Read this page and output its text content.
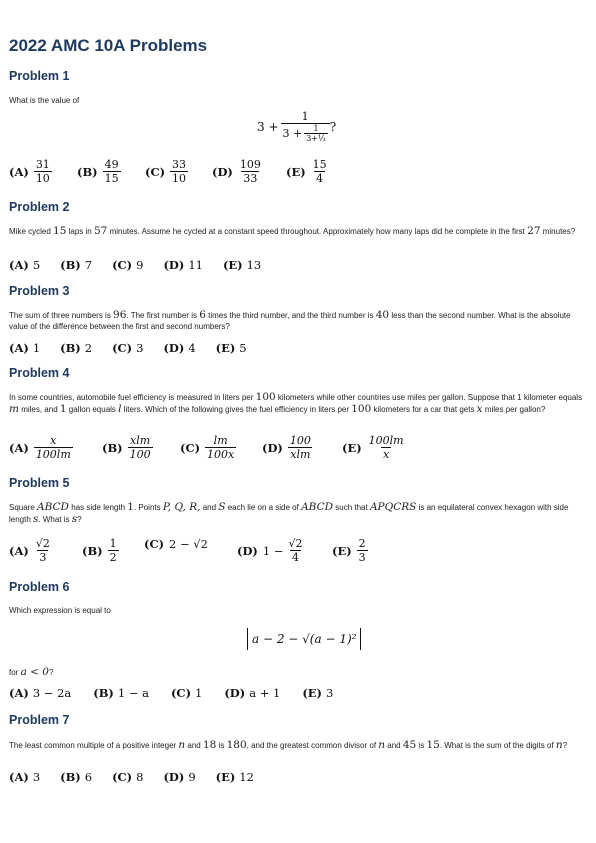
2022 AMC 10A Problems
Problem 1

What is the value of

$3 + \frac{1}{3 + \frac{1}{\text{3+⅓}}}$ ?
$(A) \frac{31}{10} (B) \frac{49}{15} (C) \frac{33}{10} (D) \frac{109}{33} (E) \frac{15}{4}$
Problem 2

Mike cycled 15 laps in 57 minutes. Assume he cycled at a constant speed throughout. Approximately how many laps did he complete in the first 27 minutes?

(A) 5 (B) 7 (C) 9 (D) 11 (E) 13
Problem 3

The sum of three numbers is 96. The first number is 6 times the third number, and the third number is 40 less than the second number. What is the absolute value of the difference between the first and second numbers?

(A) 1 (B) 2 (C) 3 (D) 4 (E) 5
Problem 4

In some countries, automobile fuel efficiency is measured in liters per 100 kilometers while other countries use miles per gallon. Suppose that 1 kilometer equals m miles, and 1 gallon equals l liters. Which of the following gives the fuel efficiency in liters per 100 kilometers for a car that gets x miles per gallon?

$(A) \frac{x}{100lm}$	$(B) \frac{\text{xlm}}{100} (C) \frac{lm}{100x} (D) \frac{100}{\text{xlm}}$	$(E) \frac{100lm}{x}$
Problem 5

Square ABCD has side length 1. Points P, Q, R, and S each lie on a side of ABCD such that APQCRS is an equilateral convex hexagon with side length s. What is s?

$(A) \frac{√2}{3}$	$(B) \frac{1}{2} (C) 2 - √2$	(D) $1 - \frac{√2}{4} (E) \frac{2}{3}$
Problem 6

Which expression is equal to

a − 2 − √(a − 1)²

for a < 0?

(A) 3 − 2a (B) 1 − a (C) 1 (D) a + 1 (E) 3
Problem 7

The least common multiple of a positive integer n and 18 is 180, and the greatest common divisor of n and 45 is 15. What is the sum of the digits of n?

(A) 3 (B) 6 (C) 8 (D) 9 (E) 12
